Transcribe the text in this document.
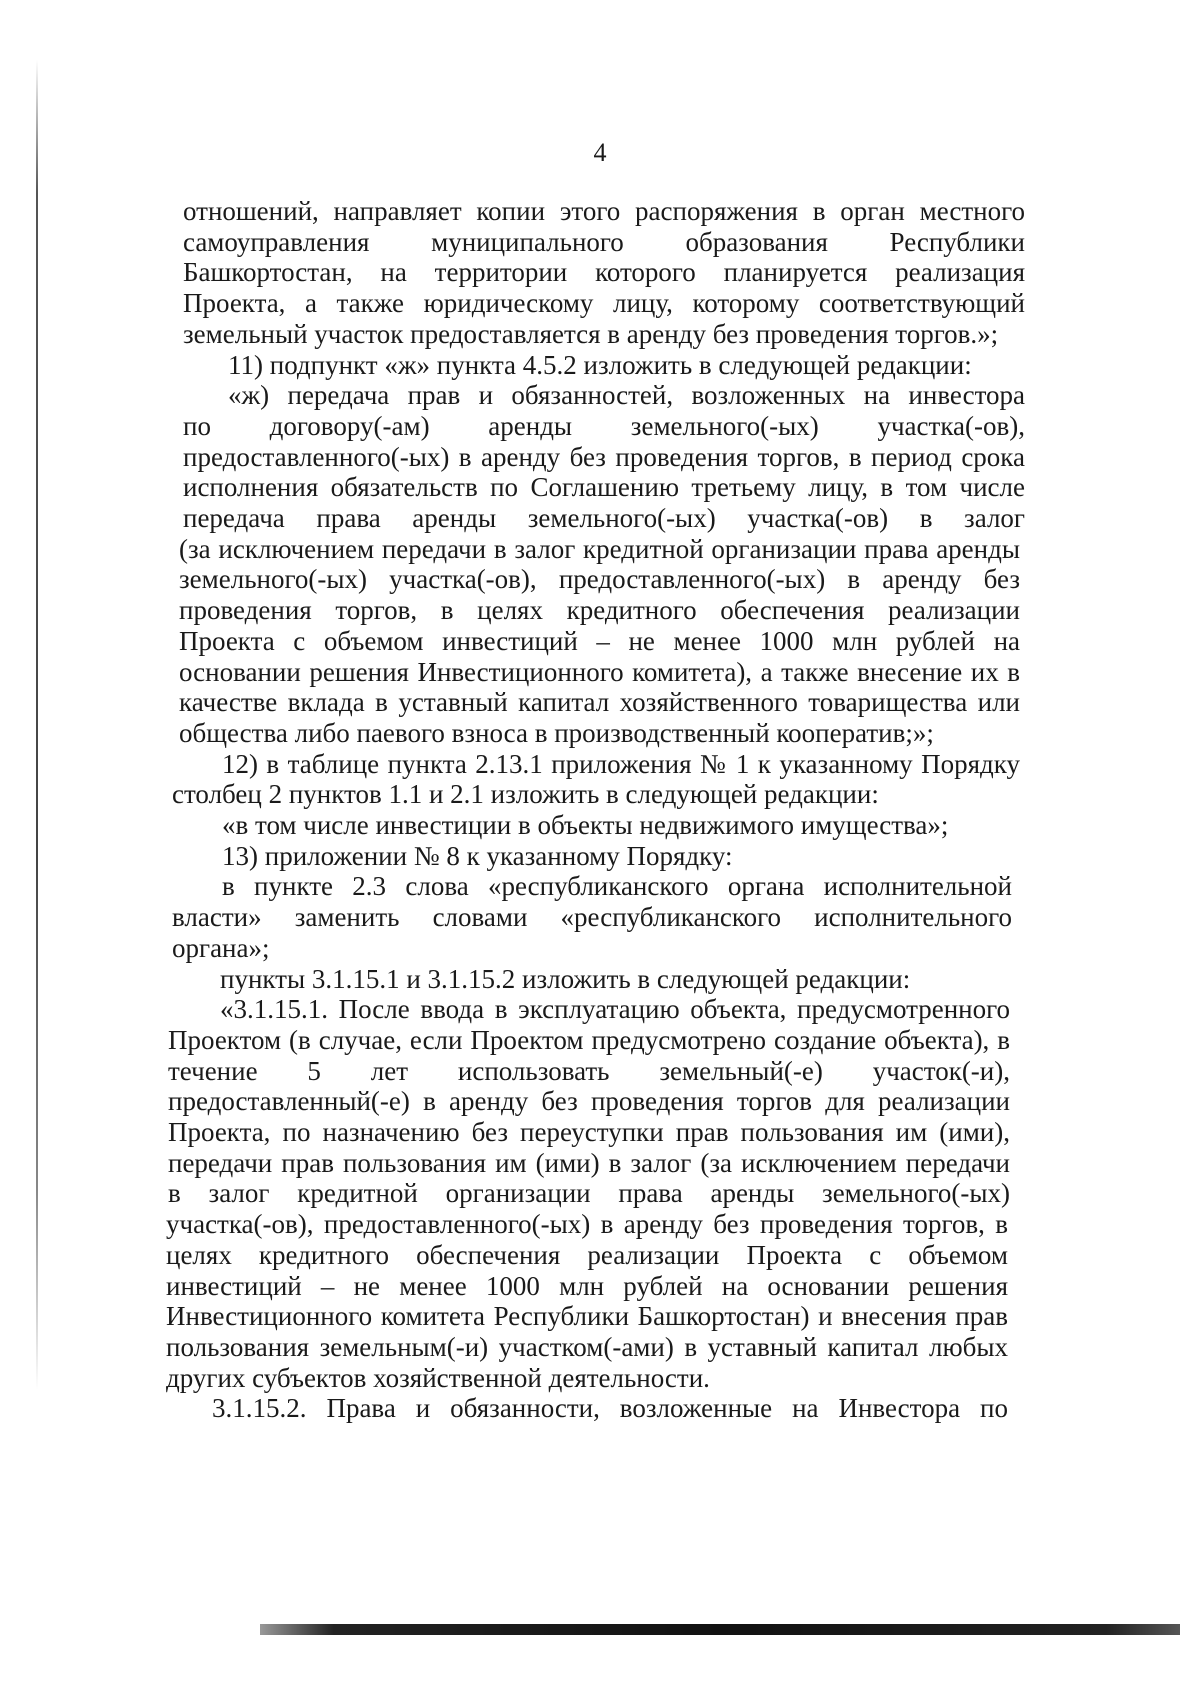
4
отношений, направляет копии этого распоряжения в орган местного
самоуправления муниципального образования Республики
Башкортостан, на территории которого планируется реализация
Проекта, а также юридическому лицу, которому соответствующий
земельный участок предоставляется в аренду без проведения торгов.»;
11) подпункт «ж» пункта 4.5.2 изложить в следующей редакции:
«ж) передача прав и обязанностей, возложенных на инвестора
по договору(-ам) аренды земельного(-ых) участка(-ов),
предоставленного(-ых) в аренду без проведения торгов, в период срока
исполнения обязательств по Соглашению третьему лицу, в том числе
передача права аренды земельного(-ых) участка(-ов) в залог
(за исключением передачи в залог кредитной организации права аренды
земельного(-ых) участка(-ов), предоставленного(-ых) в аренду без
проведения торгов, в целях кредитного обеспечения реализации
Проекта с объемом инвестиций – не менее 1000 млн рублей на
основании решения Инвестиционного комитета), а также внесение их в
качестве вклада в уставный капитал хозяйственного товарищества или
общества либо паевого взноса в производственный кооператив;»;
12) в таблице пункта 2.13.1 приложения № 1 к указанному Порядку
столбец 2 пунктов 1.1 и 2.1 изложить в следующей редакции:
«в том числе инвестиции в объекты недвижимого имущества»;
13) приложении № 8 к указанному Порядку:
в пункте 2.3 слова «республиканского органа исполнительной
власти» заменить словами «республиканского исполнительного
органа»;
пункты 3.1.15.1 и 3.1.15.2 изложить в следующей редакции:
«3.1.15.1. После ввода в эксплуатацию объекта, предусмотренного
Проектом (в случае, если Проектом предусмотрено создание объекта), в
течение 5 лет использовать земельный(-е) участок(-и),
предоставленный(-е) в аренду без проведения торгов для реализации
Проекта, по назначению без переуступки прав пользования им (ими),
передачи прав пользования им (ими) в залог (за исключением передачи
в залог кредитной организации права аренды земельного(-ых)
участка(-ов), предоставленного(-ых) в аренду без проведения торгов, в
целях кредитного обеспечения реализации Проекта с объемом
инвестиций – не менее 1000 млн рублей на основании решения
Инвестиционного комитета Республики Башкортостан) и внесения прав
пользования земельным(-и) участком(-ами) в уставный капитал любых
других субъектов хозяйственной деятельности.
3.1.15.2. Права и обязанности, возложенные на Инвестора по
